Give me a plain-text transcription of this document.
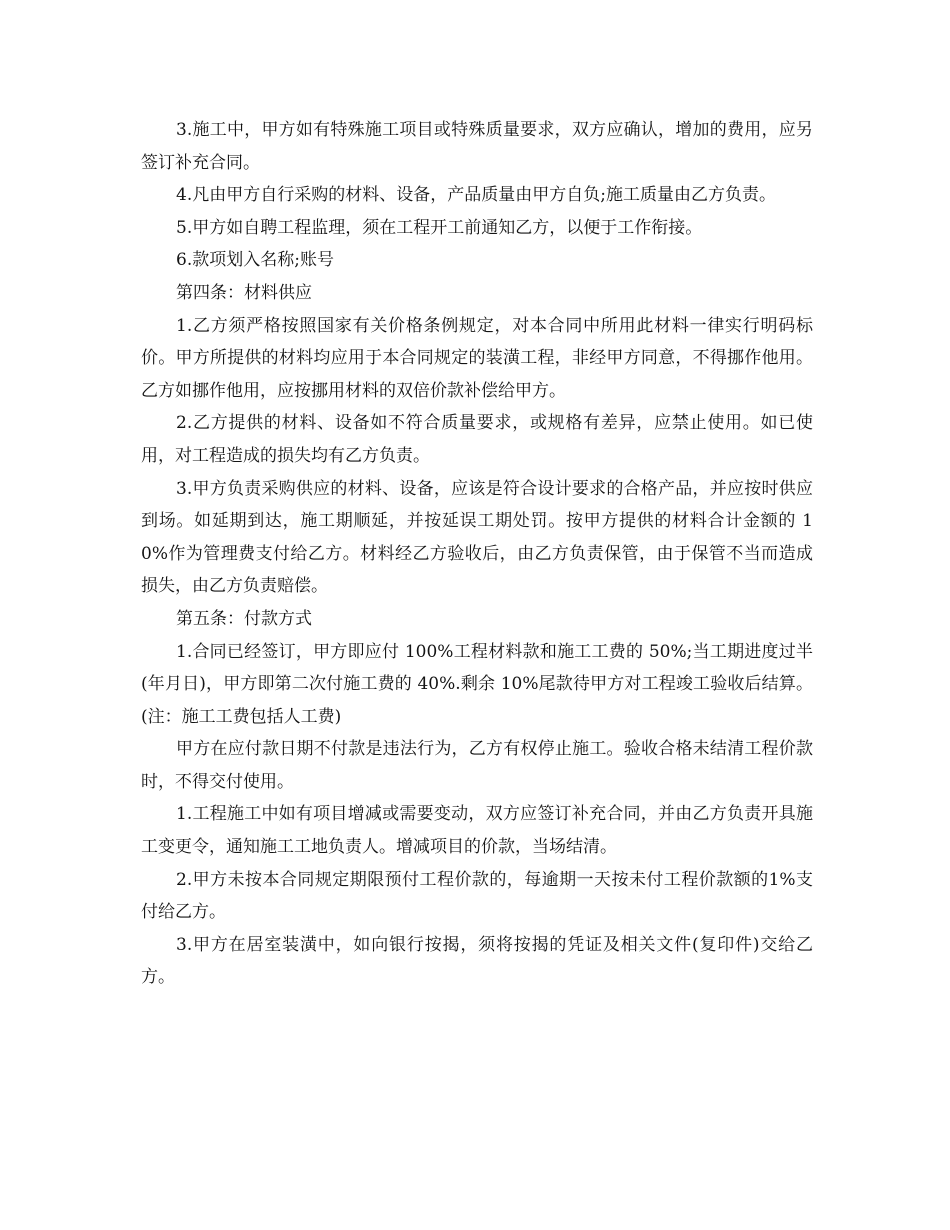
3.施工中，甲方如有特殊施工项目或特殊质量要求，双方应确认，增加的费用，应另签订补充合同。

4.凡由甲方自行采购的材料、设备，产品质量由甲方自负;施工质量由乙方负责。

5.甲方如自聘工程监理，须在工程开工前通知乙方，以便于工作衔接。

6.款项划入名称;账号

第四条：材料供应

1.乙方须严格按照国家有关价格条例规定，对本合同中所用此材料一律实行明码标价。甲方所提供的材料均应用于本合同规定的装潢工程，非经甲方同意，不得挪作他用。乙方如挪作他用，应按挪用材料的双倍价款补偿给甲方。

2.乙方提供的材料、设备如不符合质量要求，或规格有差异，应禁止使用。如已使用，对工程造成的损失均有乙方负责。

3.甲方负责采购供应的材料、设备，应该是符合设计要求的合格产品，并应按时供应到场。如延期到达，施工期顺延，并按延误工期处罚。按甲方提供的材料合计金额的 10%作为管理费支付给乙方。材料经乙方验收后，由乙方负责保管，由于保管不当而造成损失，由乙方负责赔偿。

第五条：付款方式

1.合同已经签订，甲方即应付 100%工程材料款和施工工费的 50%;当工期进度过半(年月日)，甲方即第二次付施工费的 40%.剩余 10%尾款待甲方对工程竣工验收后结算。(注：施工工费包括人工费)

甲方在应付款日期不付款是违法行为，乙方有权停止施工。验收合格未结清工程价款时，不得交付使用。

1.工程施工中如有项目增减或需要变动，双方应签订补充合同，并由乙方负责开具施工变更令，通知施工工地负责人。增减项目的价款，当场结清。

2.甲方未按本合同规定期限预付工程价款的，每逾期一天按未付工程价款额的1%支付给乙方。

3.甲方在居室装潢中，如向银行按揭，须将按揭的凭证及相关文件(复印件)交给乙方。
